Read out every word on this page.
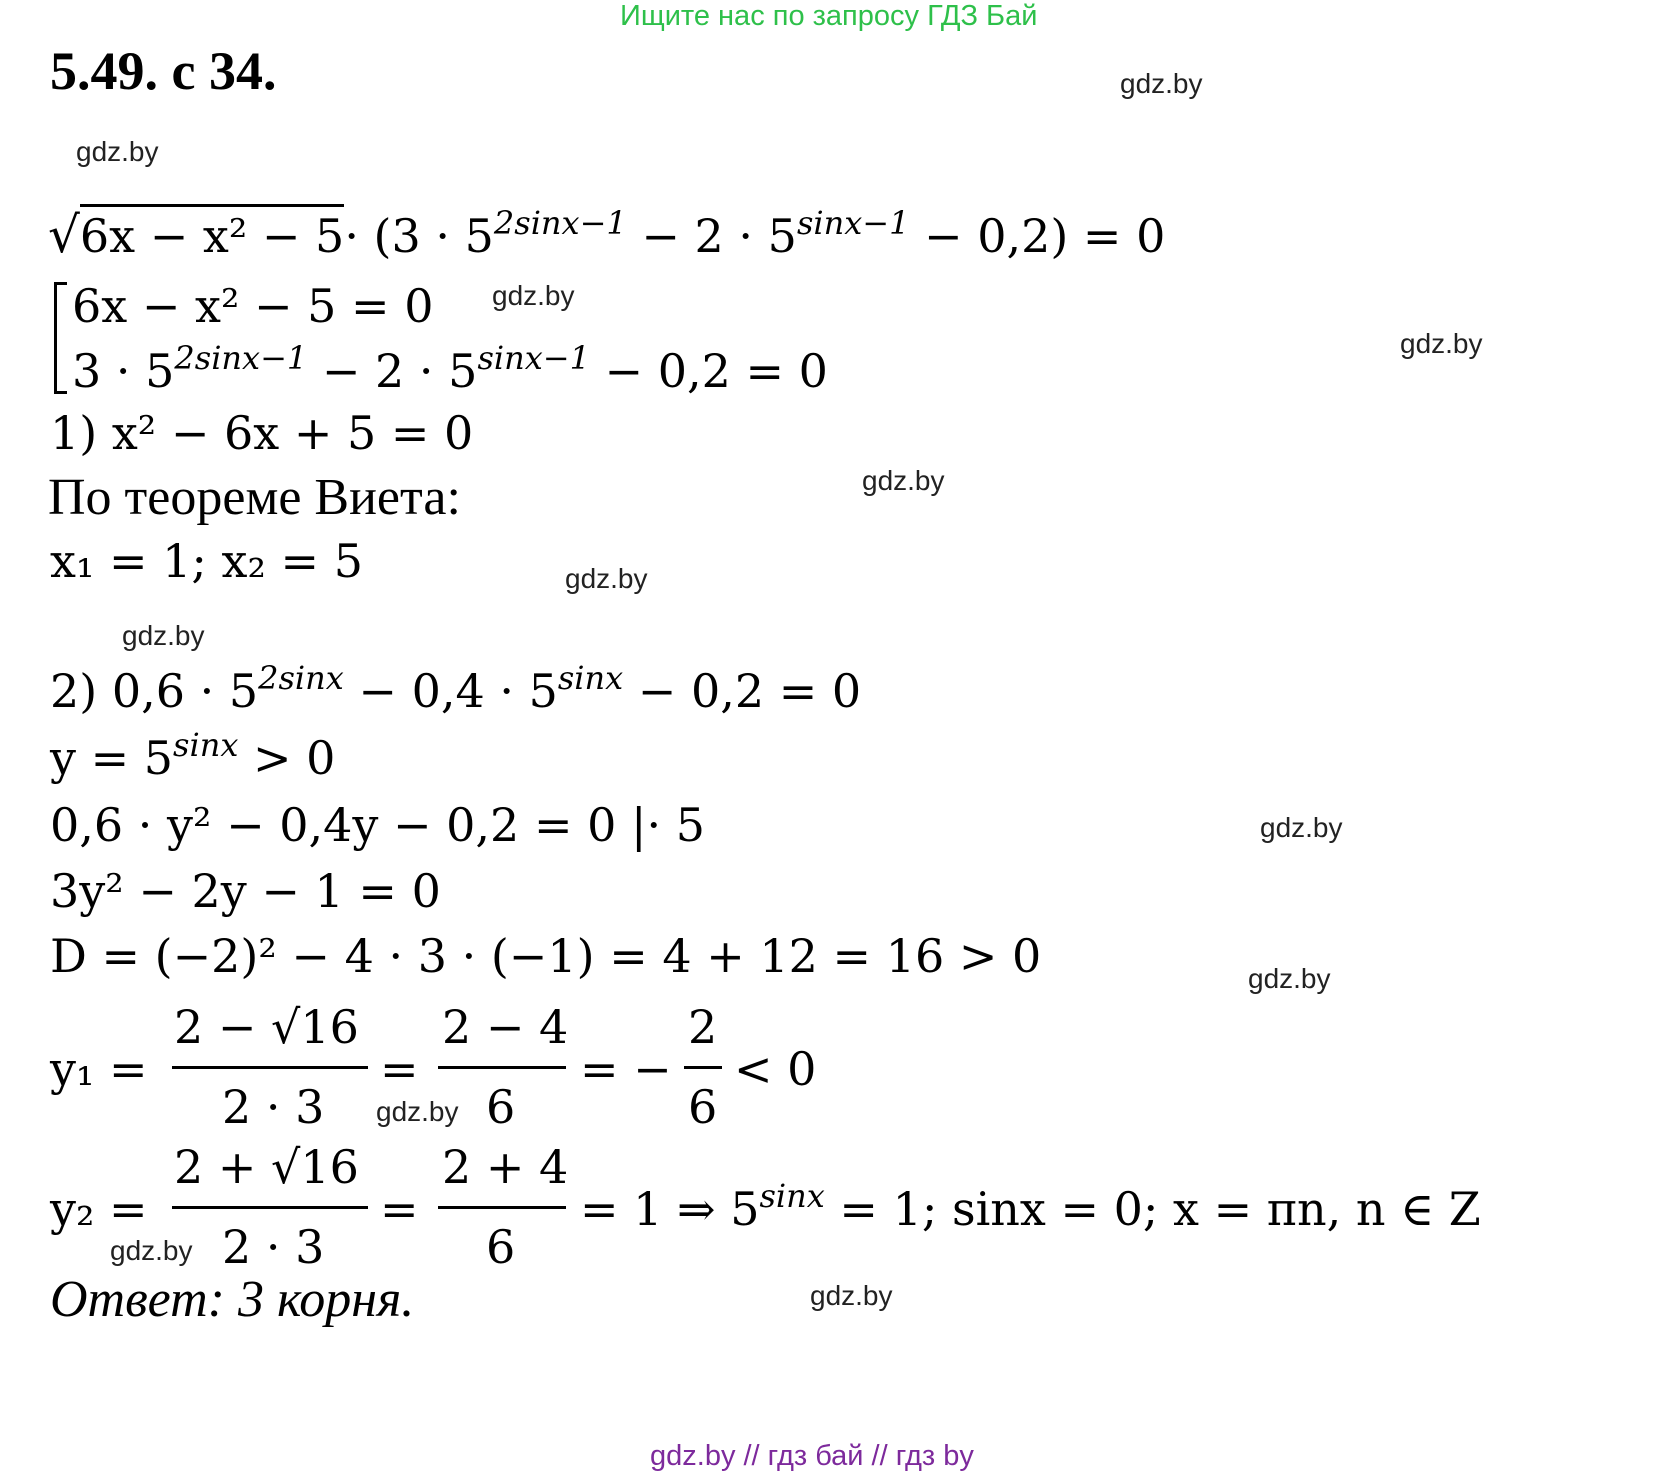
Ищите нас по запросу ГДЗ Бай
5.49. с 34.	gdz.by
gdz.by
gdz.by
gdz.by
gdz.by
gdz.by
gdz.by
gdz.by
gdz.by
gdz.by
gdz.by
gdz.by
$√6x - x^2 - 5\cdot (3 \cdot 5^{2sinx-1} - 2 \cdot 5^{sinx-1} - 0,2) = 0$
6x − x² − 5 = 0
$3 \cdot 5^{2sinx-1} - 2 \cdot 5^{sinx-1} - 0,2 = 0$
1) x² − 6x + 5 = 0
По теореме Виета:
x₁ = 1; x₂ = 5
2) $0,6 \cdot 5^{2sinx} - 0,4 \cdot 5^{sinx} - 0,2 = 0$
$y = 5^{sinx} > 0$
0,6 · y² − 0,4y − 0,2 = 0 |· 5
3y² − 2y − 1 = 0
D = (−2)² − 4 · 3 · (−1) = 4 + 12 = 16 > 0
y₁ =
2 − √16
2 · 3
=
2 − 4
6
= −
2
6
< 0
y₂ =
2 + √16
2 · 3
=
2 + 4
6
= 1 ⇒ $5^{sinx} = 1$; sinx = 0; x = πn, n ∈ Z
Ответ: 3 корня.
gdz.by // гдз бай // гдз by
